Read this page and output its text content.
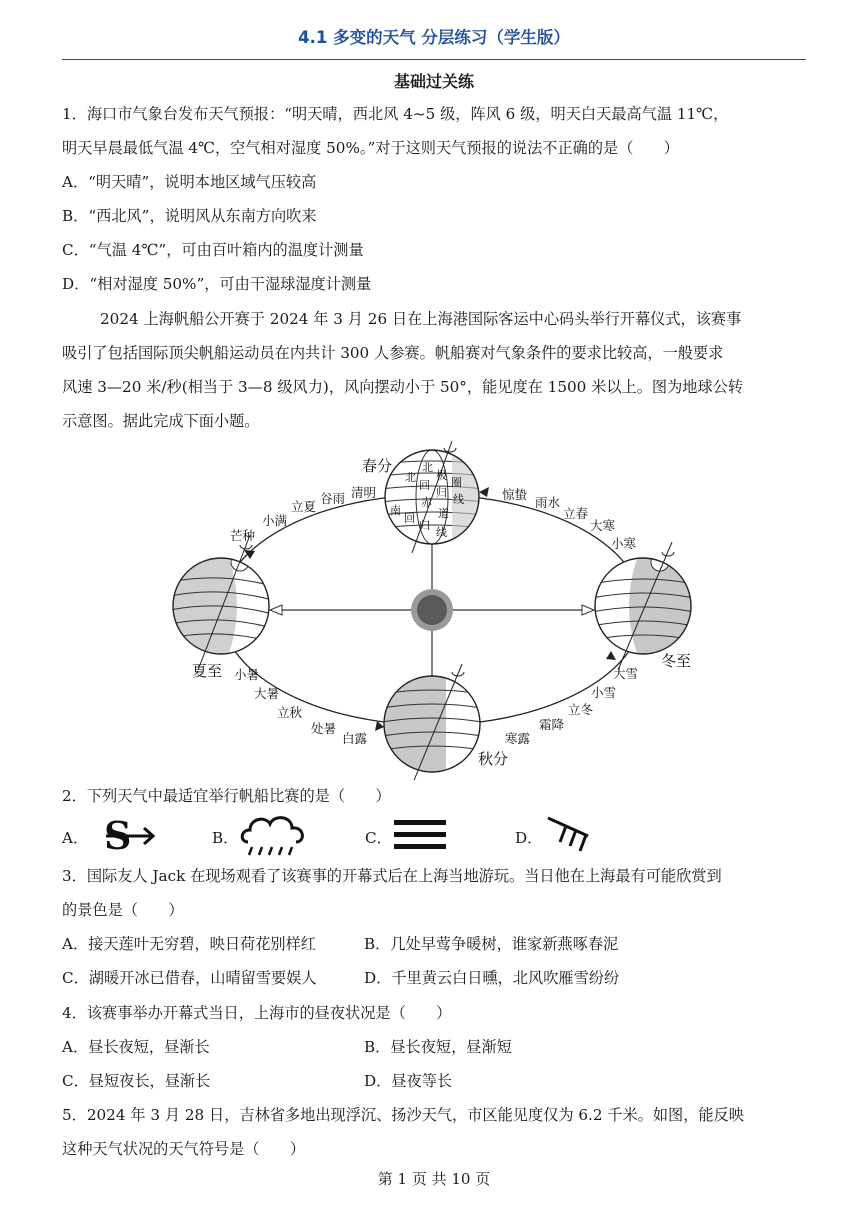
4.1 多变的天气 分层练习（学生版）
基础过关练
1．海口市气象台发布天气预报：“明天晴，西北风 4~5 级，阵风 6 级，明天白天最高气温 11℃，
明天早晨最低气温 4℃，空气相对湿度 50%。”对于这则天气预报的说法不正确的是（　　）
A．“明天晴”，说明本地区域气压较高
B．“西北风”，说明风从东南方向吹来
C．“气温 4℃”，可由百叶箱内的温度计测量
D．“相对湿度 50%”，可由干湿球湿度计测量
2024 上海帆船公开赛于 2024 年 3 月 26 日在上海港国际客运中心码头举行开幕仪式，该赛事
吸引了包括国际顶尖帆船运动员在内共计 300 人参赛。帆船赛对气象条件的要求比较高，一般要求
风速 3—20 米/秒(相当于 3—8 级风力)，风向摆动小于 50°，能见度在 1500 米以上。图为地球公转
示意图。据此完成下面小题。
春分
夏至
秋分
冬至
北
极
圈
北
回
归
线
赤
道
南
回
归
线
芒种
小满
立夏
谷雨 清明	惊蛰
雨水
立春
大寒
小寒
小暑
大暑
立秋
处暑
白露
大雪
小雪
立冬
霜降
寒露
2．下列天气中最适宜举行帆船比赛的是（　　）
A． S	B．	C．	D．
3．国际友人 Jack 在现场观看了该赛事的开幕式后在上海当地游玩。当日他在上海最有可能欣赏到
的景色是（　　）
A．接天莲叶无穷碧，映日荷花别样红	B．几处早莺争暖树，谁家新燕啄春泥
C．湖暖开冰已借春，山晴留雪要娱人	D．千里黄云白日曛，北风吹雁雪纷纷
4．该赛事举办开幕式当日，上海市的昼夜状况是（　　）
A．昼长夜短，昼渐长	B．昼长夜短，昼渐短
C．昼短夜长，昼渐长	D．昼夜等长
5．2024 年 3 月 28 日，吉林省多地出现浮沉、扬沙天气，市区能见度仅为 6.2 千米。如图，能反映
这种天气状况的天气符号是（　　）
第 1 页 共 10 页
